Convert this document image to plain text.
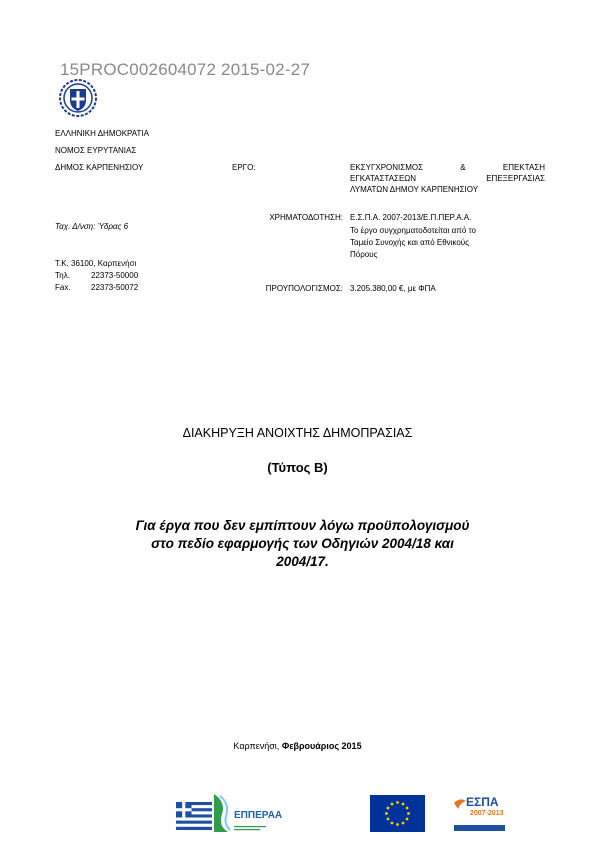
15PROC002604072 2015-02-27
ΕΛΛΗΝΙΚΗ ΔΗΜΟΚΡΑΤΙΑ
ΝΟΜΟΣ ΕΥΡΥΤΑΝΙΑΣ
ΔΗΜΟΣ ΚΑΡΠΕΝΗΣΙΟΥ
Ταχ. Δ/νση: Ύδρας 6
Τ.Κ. 36100, Καρπενήσι
Τηλ.	22373-50000
Fax.	22373-50072
ΕΡΓΟ:
ΧΡΗΜΑΤΟΔΟΤΗΣΗ:
ΠΡΟΥΠΟΛΟΓΙΣΜΟΣ:
ΕΚΣΥΓΧΡΟΝΙΣΜΟΣ & ΕΠΕΚΤΑΣΗ
ΕΓΚΑΤΑΣΤΑΣΕΩΝ ΕΠΕΞΕΡΓΑΣΙΑΣ
ΛΥΜΑΤΩΝ ΔΗΜΟΥ ΚΑΡΠΕΝΗΣΙΟΥ
Ε.Σ.Π.Α. 2007-2013/Ε.Π.ΠΕΡ.Α.Α.
Το έργο συγχρηματοδοτείται από το
Ταμείο Συνοχής και από Εθνικούς
Πόρους
3.205.380,00 €, με ΦΠΑ
ΔΙΑΚΗΡΥΞΗ ΑΝΟΙΧΤΗΣ ΔΗΜΟΠΡΑΣΙΑΣ
(Τύπος Β)
Για έργα που δεν εμπίπτουν λόγω προϋπολογισμού
στο πεδίο εφαρμογής των Οδηγιών 2004/18 και
2004/17.
Καρπενήσι, Φεβρουάριος 2015
ΕΠΠΕΡΑΑ
ΕΣΠΑ
2007-2013
